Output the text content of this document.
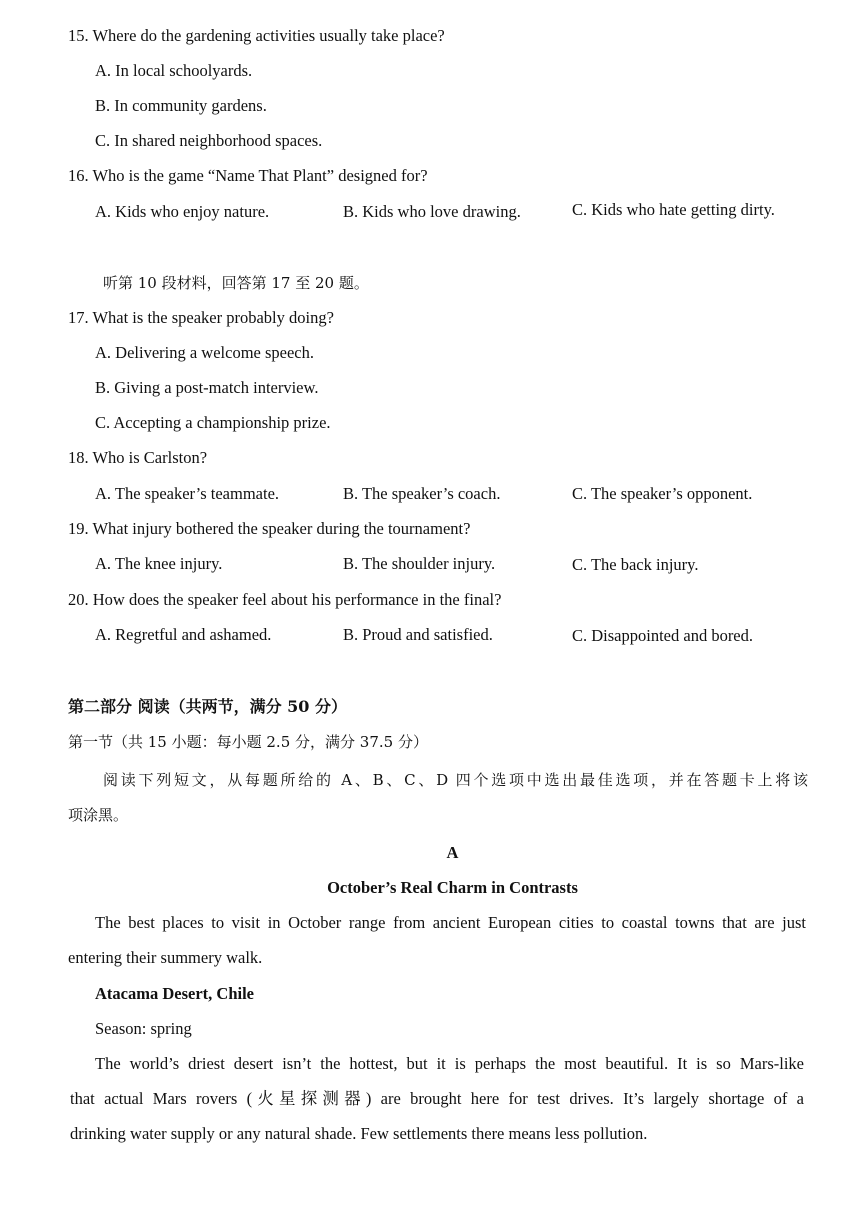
15. Where do the gardening activities usually take place?
A. In local schoolyards.
B. In community gardens.
C. In shared neighborhood spaces.
16. Who is the game “Name That Plant” designed for?
A. Kids who enjoy nature.	B. Kids who love drawing.	C. Kids who hate getting dirty.
听第 10 段材料，回答第 17 至 20 题。
17. What is the speaker probably doing?
A. Delivering a welcome speech.
B. Giving a post-match interview.
C. Accepting a championship prize.
18. Who is Carlston?
A. The speaker’s teammate.	B. The speaker’s coach.	C. The speaker’s opponent.
19. What injury bothered the speaker during the tournament?
A. The knee injury.	B. The shoulder injury.	C. The back injury.
20. How does the speaker feel about his performance in the final?
A. Regretful and ashamed.	B. Proud and satisfied.	C. Disappointed and bored.
第二部分 阅读（共两节，满分 50 分）
第一节（共 15 小题：每小题 2.5 分，满分 37.5 分）
阅读下列短文，从每题所给的 A、B、C、D 四个选项中选出最佳选项，并在答题卡上将该
项涂黑。
A
October’s Real Charm in Contrasts
The best places to visit in October range from ancient European cities to coastal towns that are just
entering their summery walk.
Atacama Desert, Chile
Season: spring
The world’s driest desert isn’t the hottest, but it is perhaps the most beautiful. It is so Mars-like
that actual Mars rovers (火星探测器) are brought here for test drives. It’s largely shortage of a
drinking water supply or any natural shade. Few settlements there means less pollution.
